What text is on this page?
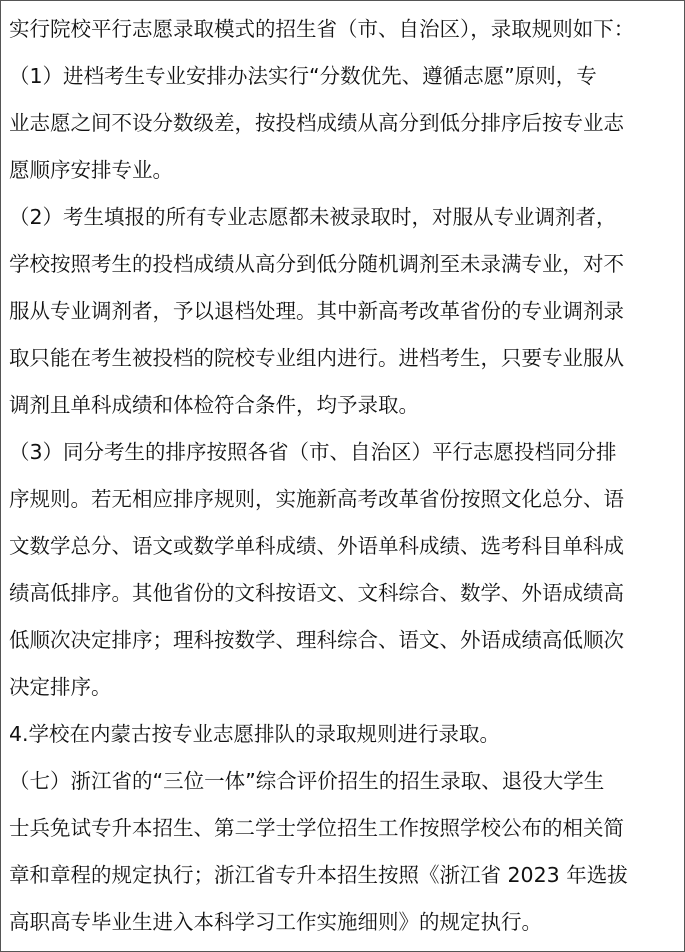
实行院校平行志愿录取模式的招生省（市、自治区），录取规则如下：
（1）进档考生专业安排办法实行“分数优先、遵循志愿”原则，专
业志愿之间不设分数级差，按投档成绩从高分到低分排序后按专业志
愿顺序安排专业。
（2）考生填报的所有专业志愿都未被录取时，对服从专业调剂者，
学校按照考生的投档成绩从高分到低分随机调剂至未录满专业，对不
服从专业调剂者，予以退档处理。其中新高考改革省份的专业调剂录
取只能在考生被投档的院校专业组内进行。进档考生，只要专业服从
调剂且单科成绩和体检符合条件，均予录取。
（3）同分考生的排序按照各省（市、自治区）平行志愿投档同分排
序规则。若无相应排序规则，实施新高考改革省份按照文化总分、语
文数学总分、语文或数学单科成绩、外语单科成绩、选考科目单科成
绩高低排序。其他省份的文科按语文、文科综合、数学、外语成绩高
低顺次决定排序；理科按数学、理科综合、语文、外语成绩高低顺次
决定排序。
4.学校在内蒙古按专业志愿排队的录取规则进行录取。
（七）浙江省的“三位一体”综合评价招生的招生录取、退役大学生
士兵免试专升本招生、第二学士学位招生工作按照学校公布的相关简
章和章程的规定执行；浙江省专升本招生按照《浙江省 2023 年选拔
高职高专毕业生进入本科学习工作实施细则》的规定执行。
